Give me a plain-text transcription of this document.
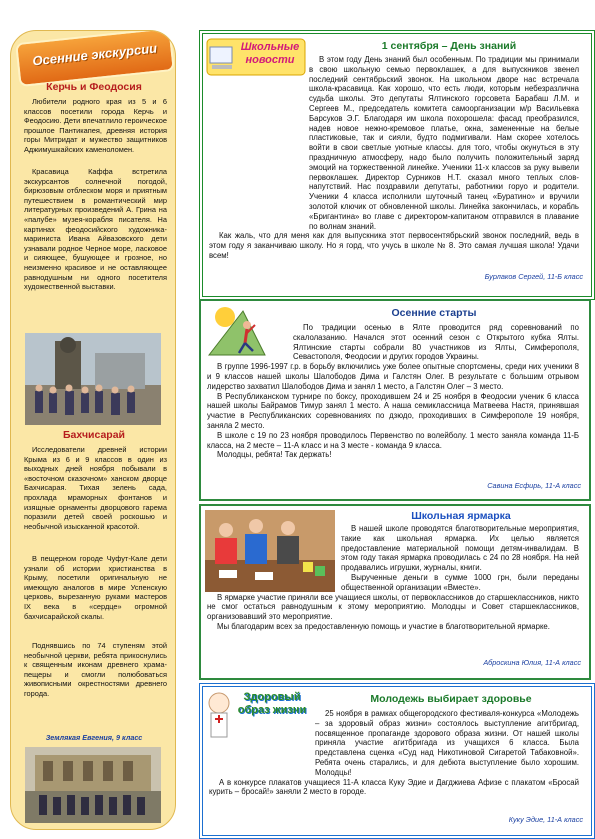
Осенние экскурсии
Керчь и Феодосия

Любители родного края из 5 и 6 классов посетили города Керчь и Феодосию. Дети впечатлило героическое прошлое Пантикапея, древняя история горы Митридат и мужество защитников Аджимушкайских каменоломен.

Красавица Каффа встретила экскурсантов солнечной погодой, бирюзовым отблеском моря и приятным путешествием в романтический мир литературных произведений А. Грина на «палубе» музея-корабля писателя. На картинах феодосийского художника-мариниста Ивана Айвазовского дети узнавали родное Черное море, ласковое и сияющее, бушующее и грозное, но неизменно красивое и не оставляющее равнодушным ни одного посетителя художественной выставки.

Бахчисарай

Исследователи древней истории Крыма из 6 и 9 классов в один из выходных дней ноября побывали в «восточном сказочном» ханском дворце Бахчисарая. Тихая зелень сада, прохлада мраморных фонтанов и изящные орнаменты дворцового гарема поразили детей своей роскошью и необычной изысканной красотой.

В пещерном городе Чуфут-Кале дети узнали об истории христианства в Крыму, посетили оригинальную не имеющую аналогов в мире Успенскую церковь, вырезанную руками мастеров IX века в «сердце» огромной бахчисарайской скалы.

Поднявшись по 74 ступеням этой необычной церкви, ребята прикоснулись к священным иконам древнего храма-пещеры и смогли полюбоваться живописными окрестностями древнего города.

Землякая Евгения, 9 класс
Школьные новости
1 сентября – День знаний

В этом году День знаний был особенным. По традиции мы принимали в свою школьную семью первоклашек, а для выпускников звенел последний сентябрьский звонок. На школьном дворе нас встречала школа-красавица. Как хорошо, что есть люди, которым небезразлична судьба школы. Это депутаты Ялтинского горсовета Барабаш Л.М. и Сергеев М., председатель комитета самоорганизации м/р Васильевка Барсуков Э.Г. Благодаря им школа похорошела: фасад преобразился, надев новое нежно-кремовое платье, окна, замененные на белые пластиковые, так и сияли, будто подмигивали. Нам скорее хотелось войти в свои светлые уютные классы. для того, чтобы окунуться в эту праздничную атмосферу, надо было получить положительный заряд эмоций на торжественной линейке. Ученики 11-х классов за руку вывели первоклашек. Директор Сурников Н.Т. сказал много теплых слов-напутствий. Нас поздравили депутаты, работники горуо и родители. Ученики 4 класса исполнили шуточный танец «Буратино» и вручили золотой ключик от обновленной школы. Линейка закончилась, и корабль «Бригантина» во главе с директором-капитаном отправился в плавание по волнам знаний.

Как жаль, что для меня как для выпускника этот первосентябрьский звонок последний, ведь в этом году я заканчиваю школу. Но я горд, что учусь в школе № 8. Это самая лучшая школа! Удачи всем!

Бурлаков Сергей, 11-Б класс
Осенние старты

По традиции осенью в Ялте проводится ряд соревнований по скалолазанию. Начался этот осенний сезон с Открытого кубка Ялты. Ялтинские старты собрали 80 участников из Ялты, Симферополя, Севастополя, Феодосии и других городов Украины.

В группе 1996-1997 г.р. в борьбу включились уже более опытные спортсмены, среди них ученики 8 и 9 классов нашей школы Шалободов Дима и Галстян Олег. В результате с большим отрывом лидерство захватил Шалободов Дима и занял 1 место, а Галстян Олег – 3 место.

В Республиканском турнире по боксу, проходившем 24 и 25 ноября в Феодосии ученик 6 класса нашей школы Байрамов Тимур занял 1 место. А наша семиклассница Матвеева Настя, принявшая участие в Республиканских соревнованиях по дзюдо, проходивших в Симферополе 19 ноября, заняла 2 место.

В школе с 19 по 23 ноября проводилось Первенство по волейболу. 1 место заняла команда 11-Б класса, на 2 месте – 11-А класс и на 3 месте - команда 9 класса.

Молодцы, ребята! Так держать!

Савина Есфирь, 11-А класс
Школьная ярмарка

В нашей школе проводятся благотворительные мероприятия, такие как школьная ярмарка. Их целью является предоставление материальной помощи детям-инвалидам. В этом году такая ярмарка проводилась с 24 по 28 ноября. На ней продавались игрушки, журналы, книги.

Вырученные деньги в сумме 1000 грн, были переданы общественной организации «Вместе».

В ярмарке участие приняли все учащиеся школы, от первоклассников до старшеклассников, никто не смог остаться равнодушным к этому мероприятию. Молодцы и Совет старшеклассников, организовавший это мероприятие.

Мы благодарим всех за предоставленную помощь и участие в благотворительной ярмарке.

Аброскина Юлия, 11-А класс
Здоровый образ жизни
Молодежь выбирает здоровье

25 ноября в рамках общегородского фестиваля-конкурса «Молодежь – за здоровый образ жизни» состоялось выступление агитбригад, посвященное пропаганде здорового образа жизни. От нашей школы приняла участие агитбригада из учащихся 6 класса. Была представлена сценка «Суд над Никотиновой Сигаретой Табаковной». Ребята очень старались, и для дебюта выступление было хорошим. Молодцы!

А в конкурсе плакатов учащиеся 11-А класса Куку Эдие и Дагджиева Афизе с плакатом «Бросай курить – бросай!» заняли 2 место в городе.

Куку Эдие, 11-А класс
